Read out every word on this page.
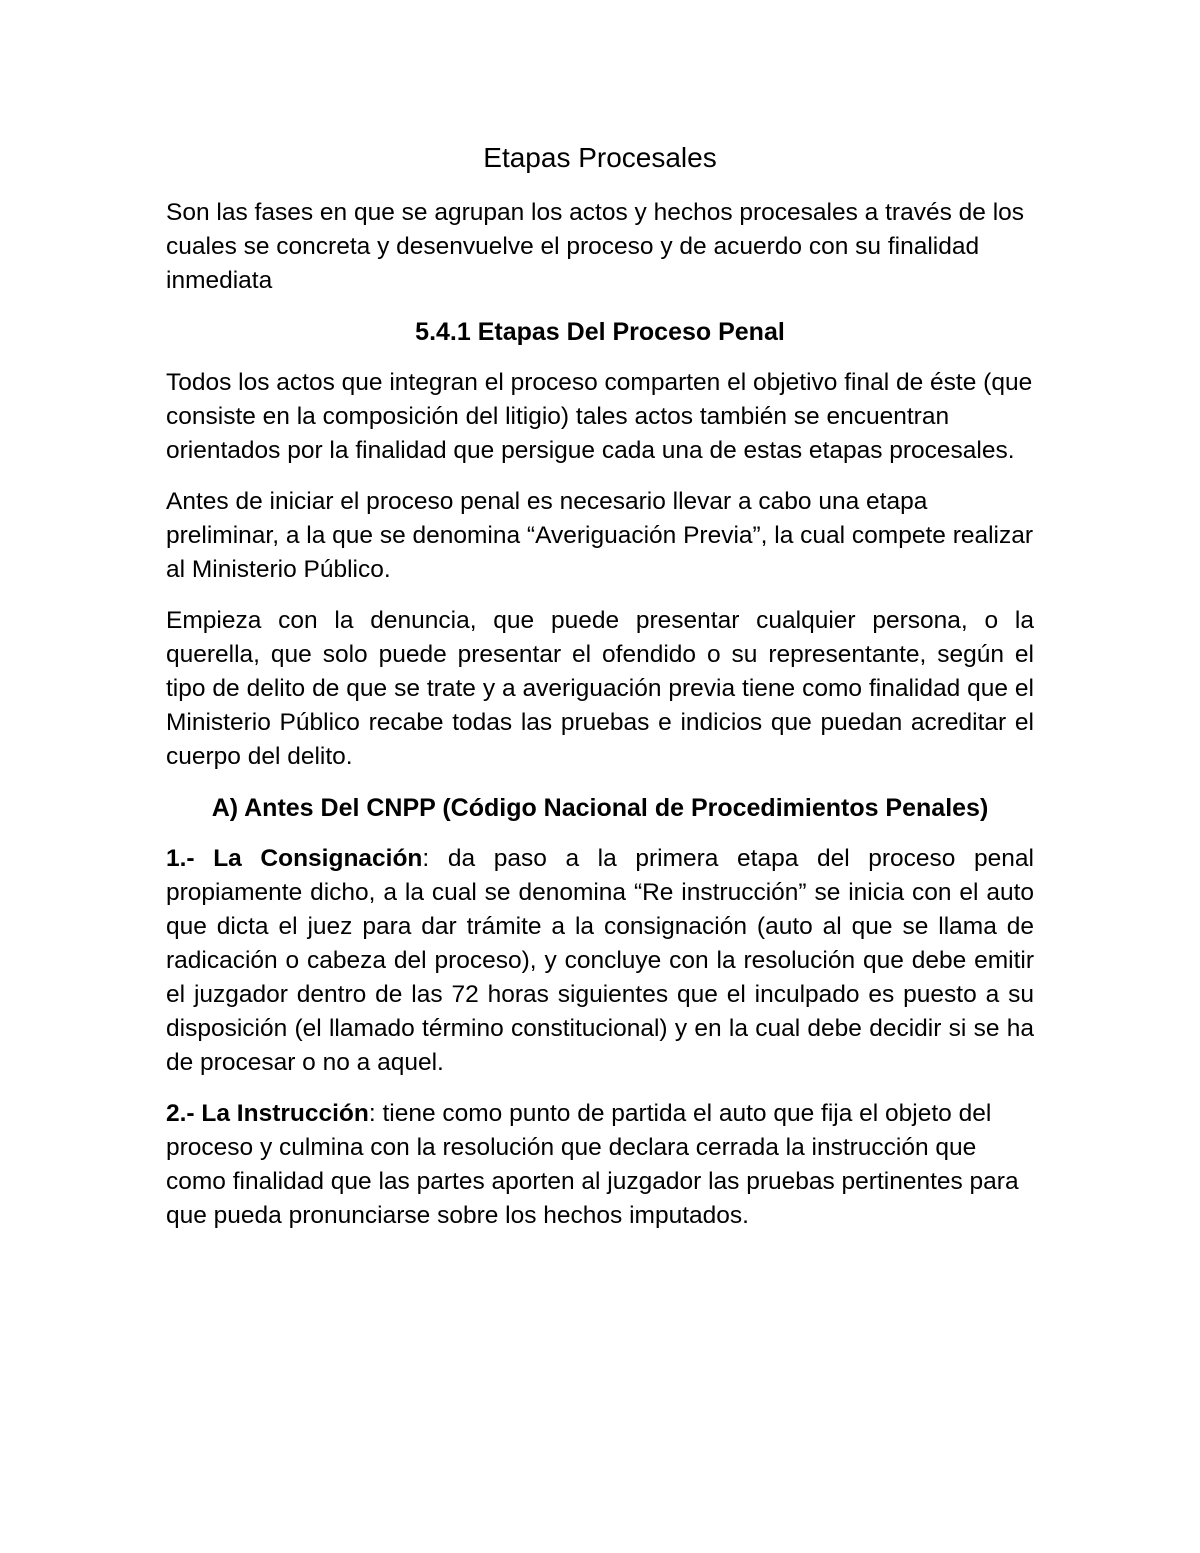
Etapas Procesales

Son las fases en que se agrupan los actos y hechos procesales a través de los cuales se concreta y desenvuelve el proceso y de acuerdo con su finalidad inmediata

5.4.1 Etapas Del Proceso Penal

Todos los actos que integran el proceso comparten el objetivo final de éste (que consiste en la composición del litigio) tales actos también se encuentran orientados por la finalidad que persigue cada una de estas etapas procesales.

Antes de iniciar el proceso penal es necesario llevar a cabo una etapa preliminar, a la que se denomina “Averiguación Previa”, la cual compete realizar al Ministerio Público.

Empieza con la denuncia, que puede presentar cualquier persona, o la querella, que solo puede presentar el ofendido o su representante, según el tipo de delito de que se trate y a averiguación previa tiene como finalidad que el Ministerio Público recabe todas las pruebas e indicios que puedan acreditar el cuerpo del delito.

A) Antes Del CNPP (Código Nacional de Procedimientos Penales)

1.- La Consignación: da paso a la primera etapa del proceso penal propiamente dicho, a la cual se denomina “Re instrucción” se inicia con el auto que dicta el juez para dar trámite a la consignación (auto al que se llama de radicación o cabeza del proceso), y concluye con la resolución que debe emitir el juzgador dentro de las 72 horas siguientes que el inculpado es puesto a su disposición (el llamado término constitucional) y en la cual debe decidir si se ha de procesar o no a aquel.

2.- La Instrucción: tiene como punto de partida el auto que fija el objeto del proceso y culmina con la resolución que declara cerrada la instrucción que como finalidad que las partes aporten al juzgador las pruebas pertinentes para que pueda pronunciarse sobre los hechos imputados.
